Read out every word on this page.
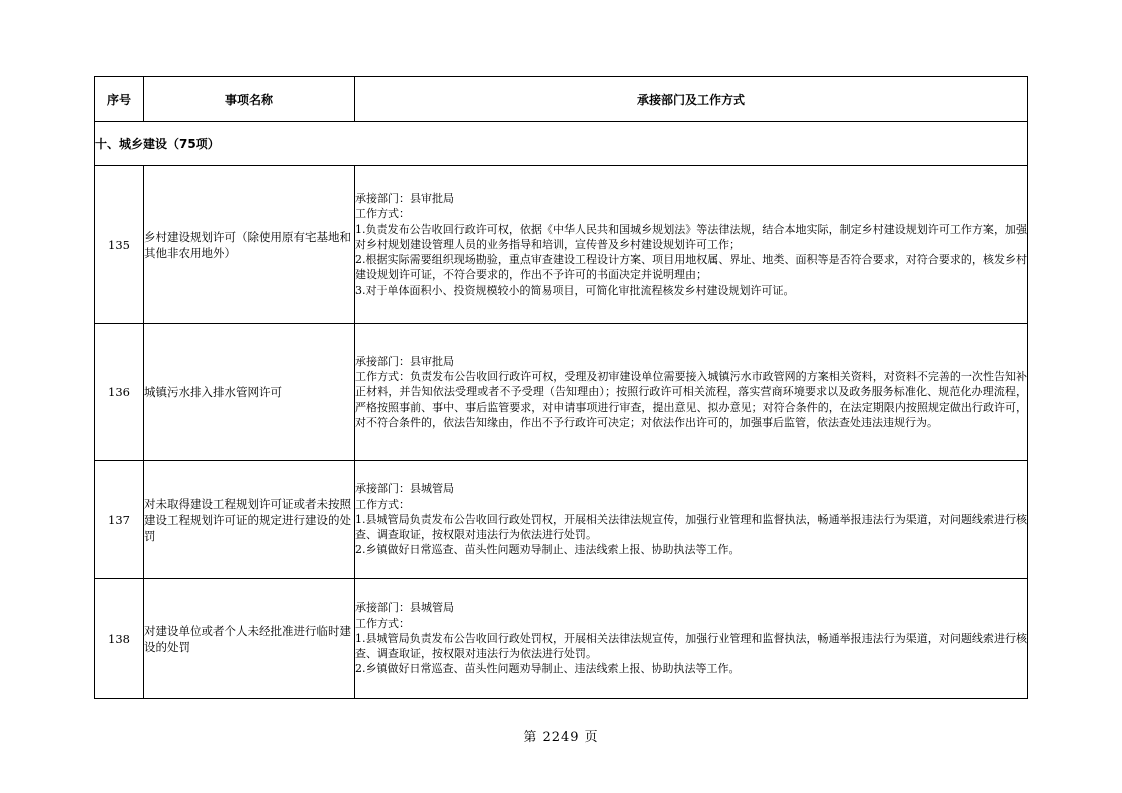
序号	事项名称	承接部门及工作方式
十、城乡建设（75项）		
135	乡村建设规划许可（除使用原有宅基地和其他非农用地外）	承接部门：县审批局
工作方式：
1.负责发布公告收回行政许可权，依据《中华人民共和国城乡规划法》等法律法规，结合本地实际，制定乡村建设规划许可工作方案，加强对乡村规划建设管理人员的业务指导和培训，宣传普及乡村建设规划许可工作；
2.根据实际需要组织现场勘验，重点审查建设工程设计方案、项目用地权属、界址、地类、面积等是否符合要求，对符合要求的，核发乡村建设规划许可证，不符合要求的，作出不予许可的书面决定并说明理由；
3.对于单体面积小、投资规模较小的简易项目，可简化审批流程核发乡村建设规划许可证。

136	城镇污水排入排水管网许可	承接部门：县审批局
工作方式：负责发布公告收回行政许可权，受理及初审建设单位需要接入城镇污水市政管网的方案相关资料，对资料不完善的一次性告知补正材料，并告知依法受理或者不予受理（告知理由）；按照行政许可相关流程，落实营商环境要求以及政务服务标准化、规范化办理流程，严格按照事前、事中、事后监管要求，对申请事项进行审查，提出意见、拟办意见；对符合条件的，在法定期限内按照规定做出行政许可，对不符合条件的，依法告知缘由，作出不予行政许可决定；对依法作出许可的，加强事后监管，依法查处违法违规行为。

137	对未取得建设工程规划许可证或者未按照建设工程规划许可证的规定进行建设的处罚	承接部门：县城管局
工作方式：
1.县城管局负责发布公告收回行政处罚权，开展相关法律法规宣传，加强行业管理和监督执法，畅通举报违法行为渠道，对问题线索进行核查、调查取证，按权限对违法行为依法进行处罚。
2.乡镇做好日常巡查、苗头性问题劝导制止、违法线索上报、协助执法等工作。

138	对建设单位或者个人未经批准进行临时建设的处罚	承接部门：县城管局
工作方式：
1.县城管局负责发布公告收回行政处罚权，开展相关法律法规宣传，加强行业管理和监督执法，畅通举报违法行为渠道，对问题线索进行核查、调查取证，按权限对违法行为依法进行处罚。
2.乡镇做好日常巡查、苗头性问题劝导制止、违法线索上报、协助执法等工作。
第 2249 页
